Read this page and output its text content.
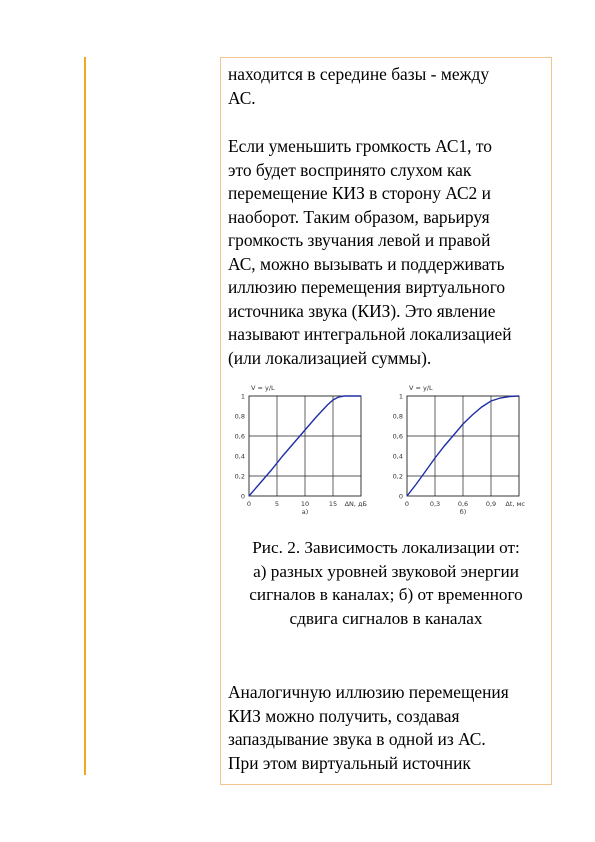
находится в середине базы - между
АС.
Если уменьшить громкость АС1, то
это будет воспринято слухом как
перемещение КИЗ в сторону АС2 и
наоборот. Таким образом, варьируя
громкость звучания левой и правой
АС, можно вызывать и поддерживать
иллюзию перемещения виртуального
источника звука (КИЗ). Это явление
называют интегральной локализацией
(или локализацией суммы).
0	5	10	15
0
0,2
0,4
0,6
0,8
1
V = y/L
ΔN, дБ
а)
0	0,3	0,6	0,9
0
0,2
0,4
0,6
0,8
1
V = y/L
Δt, мс
б)
Рис. 2. Зависимость локализации от:
а) разных уровней звуковой энергии
сигналов в каналах; б) от временного
сдвига сигналов в каналах
Аналогичную иллюзию перемещения
КИЗ можно получить, создавая
запаздывание звука в одной из АС.
При этом виртуальный источник
